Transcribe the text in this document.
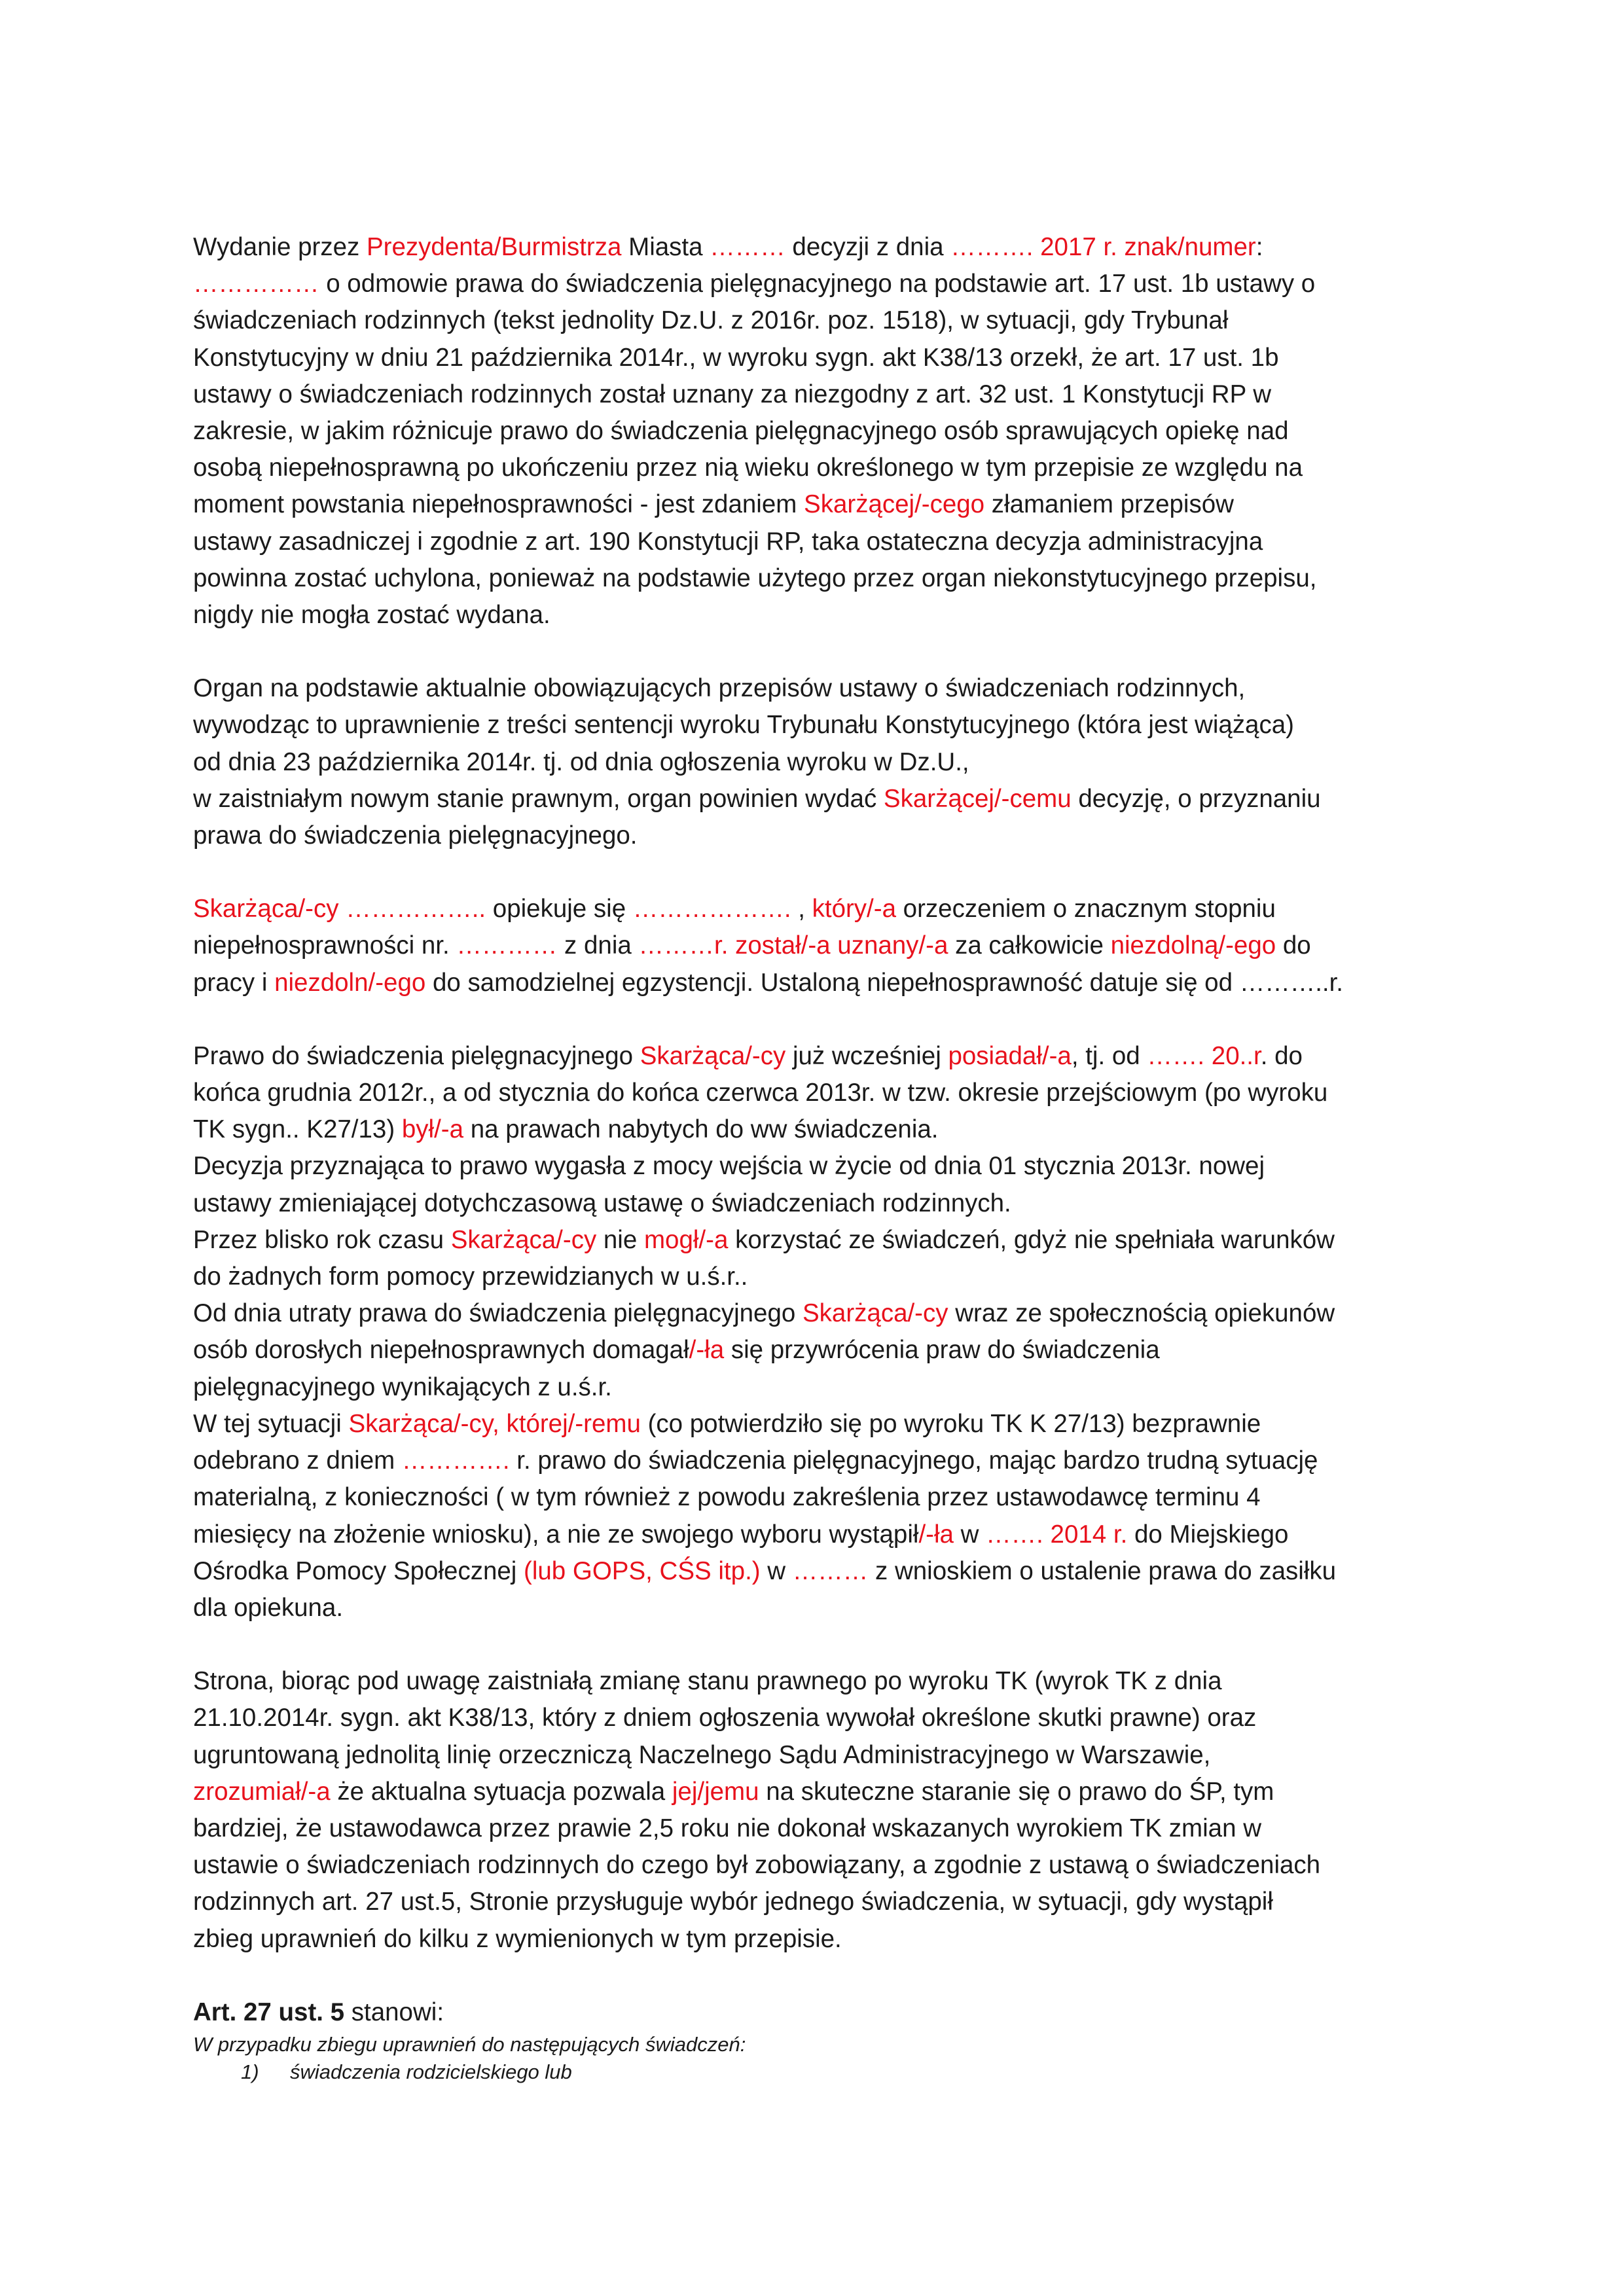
Wydanie przez Prezydenta/Burmistrza Miasta ……… decyzji z dnia ………. 2017 r. znak/numer:
…………… o odmowie prawa do świadczenia pielęgnacyjnego na podstawie art. 17 ust. 1b ustawy o
świadczeniach rodzinnych (tekst jednolity Dz.U. z 2016r. poz. 1518), w sytuacji, gdy Trybunał
Konstytucyjny w dniu 21 października 2014r., w wyroku sygn. akt K38/13 orzekł, że art. 17 ust. 1b
ustawy o świadczeniach rodzinnych został uznany za niezgodny z art. 32 ust. 1 Konstytucji RP w
zakresie, w jakim różnicuje prawo do świadczenia pielęgnacyjnego osób sprawujących opiekę nad
osobą niepełnosprawną po ukończeniu przez nią wieku określonego w tym przepisie ze względu na
moment powstania niepełnosprawności - jest zdaniem Skarżącej/-cego złamaniem przepisów
ustawy zasadniczej i zgodnie z art. 190 Konstytucji RP, taka ostateczna decyzja administracyjna
powinna zostać uchylona, ponieważ na podstawie użytego przez organ niekonstytucyjnego przepisu,
nigdy nie mogła zostać wydana.
Organ na podstawie aktualnie obowiązujących przepisów ustawy o świadczeniach rodzinnych,
wywodząc to uprawnienie z treści sentencji wyroku Trybunału Konstytucyjnego (która jest wiążąca)
od dnia 23 października 2014r. tj. od dnia ogłoszenia wyroku w Dz.U.,
w zaistniałym nowym stanie prawnym, organ powinien wydać Skarżącej/-cemu decyzję, o przyznaniu
prawa do świadczenia pielęgnacyjnego.
Skarżąca/-cy …………….. opiekuje się ………………. , który/-a orzeczeniem o znacznym stopniu
niepełnosprawności nr. ………… z dnia ………r. został/-a uznany/-a za całkowicie niezdolną/-ego do
pracy i niezdoln/-ego do samodzielnej egzystencji. Ustaloną niepełnosprawność datuje się od ………..r.
Prawo do świadczenia pielęgnacyjnego Skarżąca/-cy już wcześniej posiadał/-a, tj. od ……. 20..r. do
końca grudnia 2012r., a od stycznia do końca czerwca 2013r. w tzw. okresie przejściowym (po wyroku
TK sygn.. K27/13) był/-a na prawach nabytych do ww świadczenia.
Decyzja przyznająca to prawo wygasła z mocy wejścia w życie od dnia 01 stycznia 2013r. nowej
ustawy zmieniającej dotychczasową ustawę o świadczeniach rodzinnych.
Przez blisko rok czasu Skarżąca/-cy nie mogł/-a korzystać ze świadczeń, gdyż nie spełniała warunków
do żadnych form pomocy przewidzianych w u.ś.r..
Od dnia utraty prawa do świadczenia pielęgnacyjnego Skarżąca/-cy wraz ze społecznością opiekunów
osób dorosłych niepełnosprawnych domagał/-ła się przywrócenia praw do świadczenia
pielęgnacyjnego wynikających z u.ś.r.
W tej sytuacji Skarżąca/-cy, której/-remu (co potwierdziło się po wyroku TK K 27/13) bezprawnie
odebrano z dniem …………. r. prawo do świadczenia pielęgnacyjnego, mając bardzo trudną sytuację
materialną, z konieczności ( w tym również z powodu zakreślenia przez ustawodawcę terminu 4
miesięcy na złożenie wniosku), a nie ze swojego wyboru wystąpił/-ła w ……. 2014 r. do Miejskiego
Ośrodka Pomocy Społecznej (lub GOPS, CŚS itp.) w ……… z wnioskiem o ustalenie prawa do zasiłku
dla opiekuna.
Strona, biorąc pod uwagę zaistniałą zmianę stanu prawnego po wyroku TK (wyrok TK z dnia
21.10.2014r. sygn. akt K38/13, który z dniem ogłoszenia wywołał określone skutki prawne) oraz
ugruntowaną jednolitą linię orzeczniczą Naczelnego Sądu Administracyjnego w Warszawie,
zrozumiał/-a że aktualna sytuacja pozwala jej/jemu na skuteczne staranie się o prawo do ŚP, tym
bardziej, że ustawodawca przez prawie 2,5 roku nie dokonał wskazanych wyrokiem TK zmian w
ustawie o świadczeniach rodzinnych do czego był zobowiązany, a zgodnie z ustawą o świadczeniach
rodzinnych art. 27 ust.5, Stronie przysługuje wybór jednego świadczenia, w sytuacji, gdy wystąpił
zbieg uprawnień do kilku z wymienionych w tym przepisie.
Art. 27 ust. 5 stanowi:
W przypadku zbiegu uprawnień do następujących świadczeń:
1)	świadczenia rodzicielskiego lub
